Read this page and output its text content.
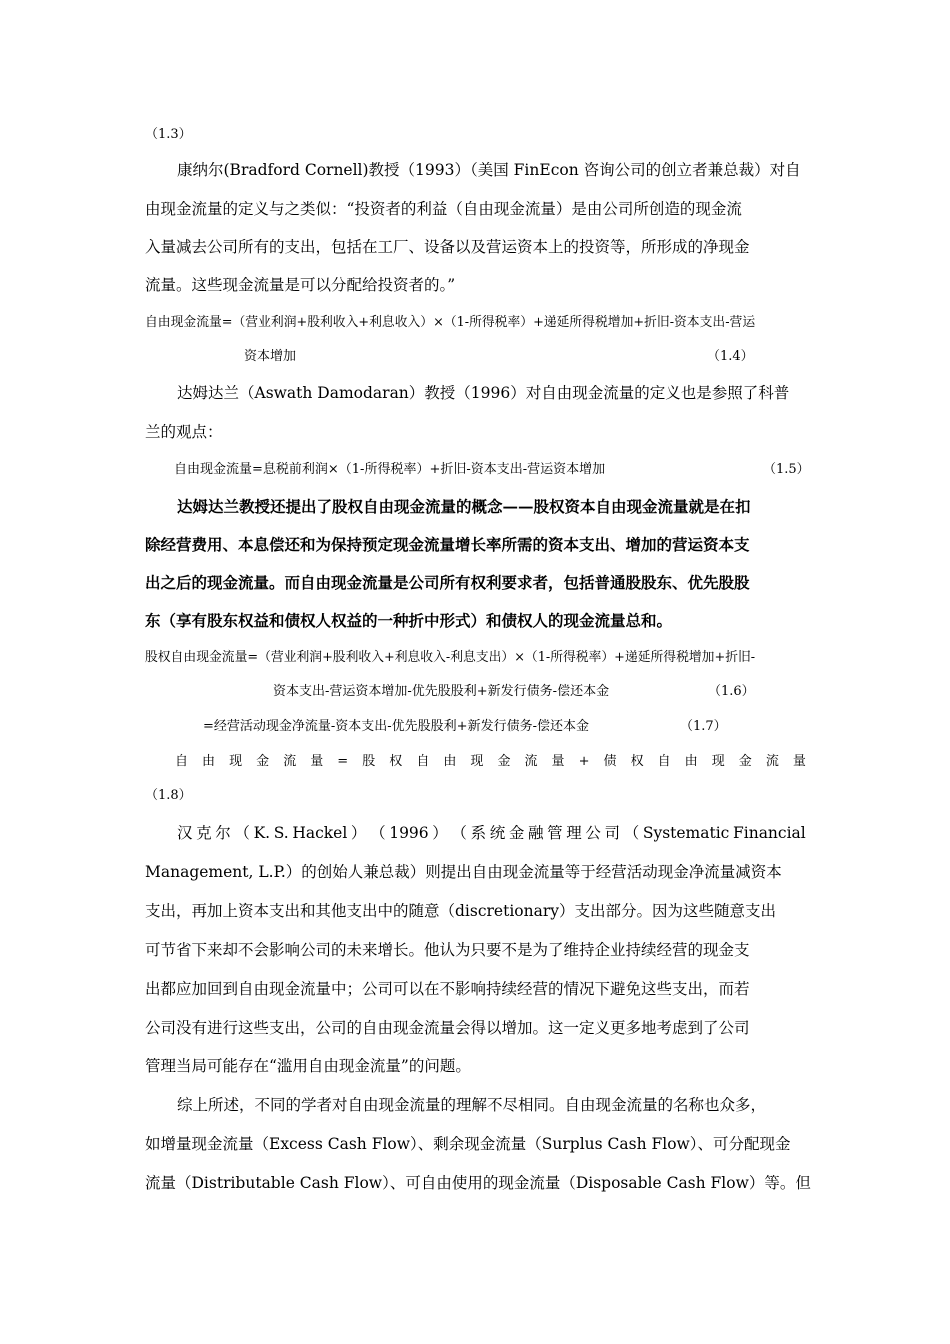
（1.3）
康纳尔(Bradford Cornell)教授（1993）（美国 FinEcon 咨询公司的创立者兼总裁）对自
由现金流量的定义与之类似：“投资者的利益（自由现金流量）是由公司所创造的现金流
入量减去公司所有的支出，包括在工厂、设备以及营运资本上的投资等，所形成的净现金
流量。这些现金流量是可以分配给投资者的。”
自由现金流量=（营业利润+股利收入+利息收入）×（1-所得税率）+递延所得税增加+折旧-资本支出-营运
资本增加	（1.4）
达姆达兰（Aswath Damodaran）教授（1996）对自由现金流量的定义也是参照了科普
兰的观点：
自由现金流量=息税前利润×（1-所得税率）+折旧-资本支出-营运资本增加	（1.5）
达姆达兰教授还提出了股权自由现金流量的概念——股权资本自由现金流量就是在扣
除经营费用、本息偿还和为保持预定现金流量增长率所需的资本支出、增加的营运资本支
出之后的现金流量。而自由现金流量是公司所有权利要求者，包括普通股股东、优先股股
东（享有股东权益和债权人权益的一种折中形式）和债权人的现金流量总和。
股权自由现金流量=（营业利润+股利收入+利息收入-利息支出）×（1-所得税率）+递延所得税增加+折旧-
资本支出-营运资本增加-优先股股利+新发行债务-偿还本金	（1.6）
=经营活动现金净流量-资本支出-优先股股利+新发行债务-偿还本金	（1.7）
自 由 现 金 流 量 = 股 权 自 由 现 金 流 量 + 债 权 自 由 现 金 流 量
（1.8）
汉 克 尔 （ K. S. Hackel ） （ 1996 ） （ 系 统 金 融 管 理 公 司 （ Systematic Financial
Management, L.P.）的创始人兼总裁）则提出自由现金流量等于经营活动现金净流量减资本
支出，再加上资本支出和其他支出中的随意（discretionary）支出部分。因为这些随意支出
可节省下来却不会影响公司的未来增长。他认为只要不是为了维持企业持续经营的现金支
出都应加回到自由现金流量中；公司可以在不影响持续经营的情况下避免这些支出，而若
公司没有进行这些支出，公司的自由现金流量会得以增加。这一定义更多地考虑到了公司
管理当局可能存在“滥用自由现金流量”的问题。
综上所述，不同的学者对自由现金流量的理解不尽相同。自由现金流量的名称也众多，
如增量现金流量（Excess Cash Flow）、剩余现金流量（Surplus Cash Flow）、可分配现金
流量（Distributable Cash Flow）、可自由使用的现金流量（Disposable Cash Flow）等。但
